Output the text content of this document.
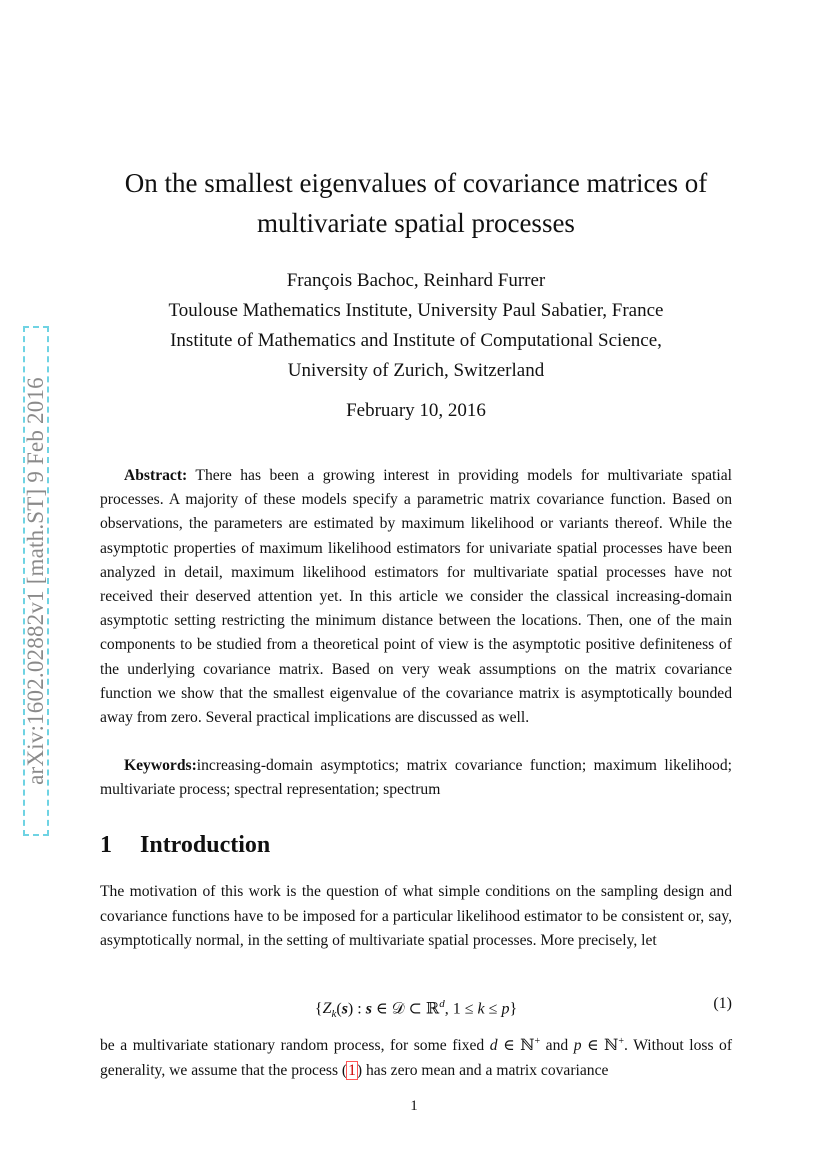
arXiv:1602.02882v1 [math.ST] 9 Feb 2016
On the smallest eigenvalues of covariance matrices of multivariate spatial processes
François Bachoc, Reinhard Furrer
Toulouse Mathematics Institute, University Paul Sabatier, France
Institute of Mathematics and Institute of Computational Science,
University of Zurich, Switzerland
February 10, 2016

Abstract: There has been a growing interest in providing models for multivariate spatial processes. A majority of these models specify a parametric matrix covariance function. Based on observations, the parameters are estimated by maximum likelihood or variants thereof. While the asymptotic properties of maximum likelihood estimators for univariate spatial processes have been analyzed in detail, maximum likelihood estimators for multivariate spatial processes have not received their deserved attention yet. In this article we consider the classical increasing-domain asymptotic setting restricting the minimum distance between the locations. Then, one of the main components to be studied from a theoretical point of view is the asymptotic positive definiteness of the underlying covariance matrix. Based on very weak assumptions on the matrix covariance function we show that the smallest eigenvalue of the covariance matrix is asymptotically bounded away from zero. Several practical implications are discussed as well.

Keywords:increasing-domain asymptotics; matrix covariance function; maximum likelihood; multivariate process; spectral representation; spectrum

1 Introduction

The motivation of this work is the question of what simple conditions on the sampling design and covariance functions have to be imposed for a particular likelihood estimator to be consistent or, say, asymptotically normal, in the setting of multivariate spatial processes. More precisely, let

{$Z_k(s)$ : s ∈ 𝒟 ⊂ ℝ$^d$, 1 ≤ k ≤ p}	(1)

be a multivariate stationary random process, for some fixed d ∈ ℕ+ and p ∈ ℕ+. Without loss of generality, we assume that the process (1) has zero mean and a matrix covariance

1
